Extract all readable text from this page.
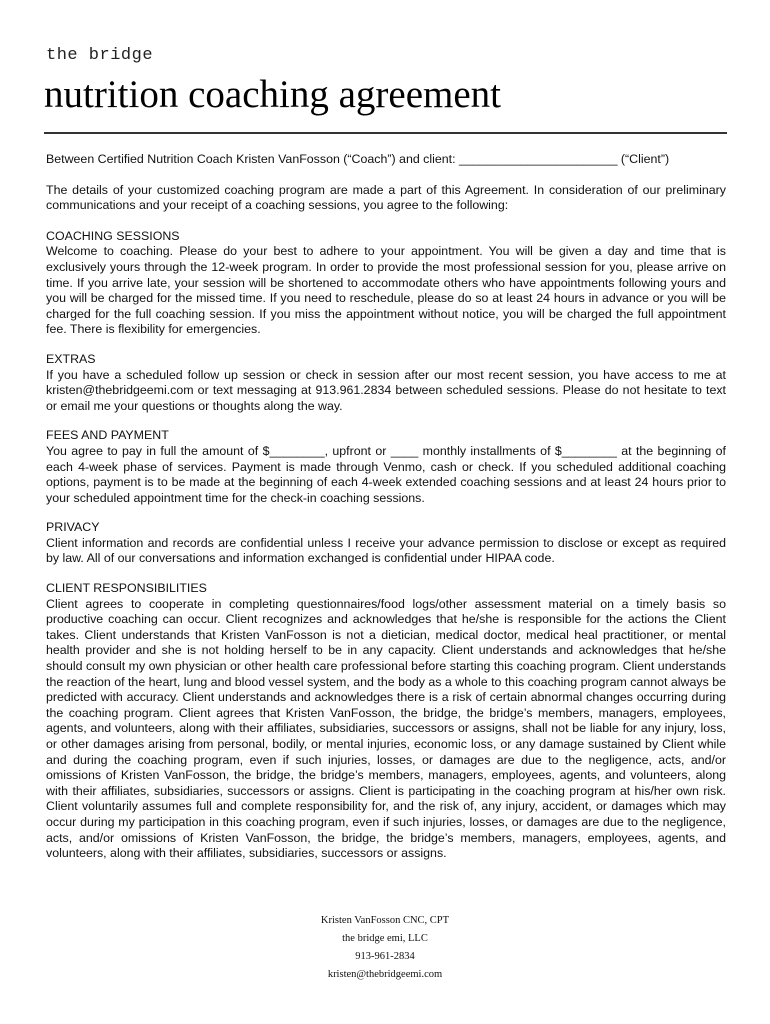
the bridge
nutrition coaching agreement

Between Certified Nutrition Coach Kristen VanFosson (“Coach”) and client: _______________________ (“Client”)

The details of your customized coaching program are made a part of this Agreement. In consideration of our preliminary communications and your receipt of a coaching sessions, you agree to the following:

COACHING SESSIONS

Welcome to coaching. Please do your best to adhere to your appointment. You will be given a day and time that is exclusively yours through the 12-week program. In order to provide the most professional session for you, please arrive on time. If you arrive late, your session will be shortened to accommodate others who have appointments following yours and you will be charged for the missed time. If you need to reschedule, please do so at least 24 hours in advance or you will be charged for the full coaching session. If you miss the appointment without notice, you will be charged the full appointment fee. There is flexibility for emergencies.

EXTRAS

If you have a scheduled follow up session or check in session after our most recent session, you have access to me at kristen@thebridgeemi.com or text messaging at 913.961.2834 between scheduled sessions. Please do not hesitate to text or email me your questions or thoughts along the way.

FEES AND PAYMENT

You agree to pay in full the amount of $________, upfront or ____ monthly installments of $________ at the beginning of each 4-week phase of services. Payment is made through Venmo, cash or check. If you scheduled additional coaching options, payment is to be made at the beginning of each 4-week extended coaching sessions and at least 24 hours prior to your scheduled appointment time for the check-in coaching sessions.

PRIVACY

Client information and records are confidential unless I receive your advance permission to disclose or except as required by law. All of our conversations and information exchanged is confidential under HIPAA code.

CLIENT RESPONSIBILITIES

Client agrees to cooperate in completing questionnaires/food logs/other assessment material on a timely basis so productive coaching can occur. Client recognizes and acknowledges that he/she is responsible for the actions the Client takes. Client understands that Kristen VanFosson is not a dietician, medical doctor, medical heal practitioner, or mental health provider and she is not holding herself to be in any capacity. Client understands and acknowledges that he/she should consult my own physician or other health care professional before starting this coaching program. Client understands the reaction of the heart, lung and blood vessel system, and the body as a whole to this coaching program cannot always be predicted with accuracy. Client understands and acknowledges there is a risk of certain abnormal changes occurring during the coaching program. Client agrees that Kristen VanFosson, the bridge, the bridge’s members, managers, employees, agents, and volunteers, along with their affiliates, subsidiaries, successors or assigns, shall not be liable for any injury, loss, or other damages arising from personal, bodily, or mental injuries, economic loss, or any damage sustained by Client while and during the coaching program, even if such injuries, losses, or damages are due to the negligence, acts, and/or omissions of Kristen VanFosson, the bridge, the bridge’s members, managers, employees, agents, and volunteers, along with their affiliates, subsidiaries, successors or assigns. Client is participating in the coaching program at his/her own risk. Client voluntarily assumes full and complete responsibility for, and the risk of, any injury, accident, or damages which may occur during my participation in this coaching program, even if such injuries, losses, or damages are due to the negligence, acts, and/or omissions of Kristen VanFosson, the bridge, the bridge’s members, managers, employees, agents, and volunteers, along with their affiliates, subsidiaries, successors or assigns.

Kristen VanFosson CNC, CPT
the bridge emi, LLC
913-961-2834
kristen@thebridgeemi.com
